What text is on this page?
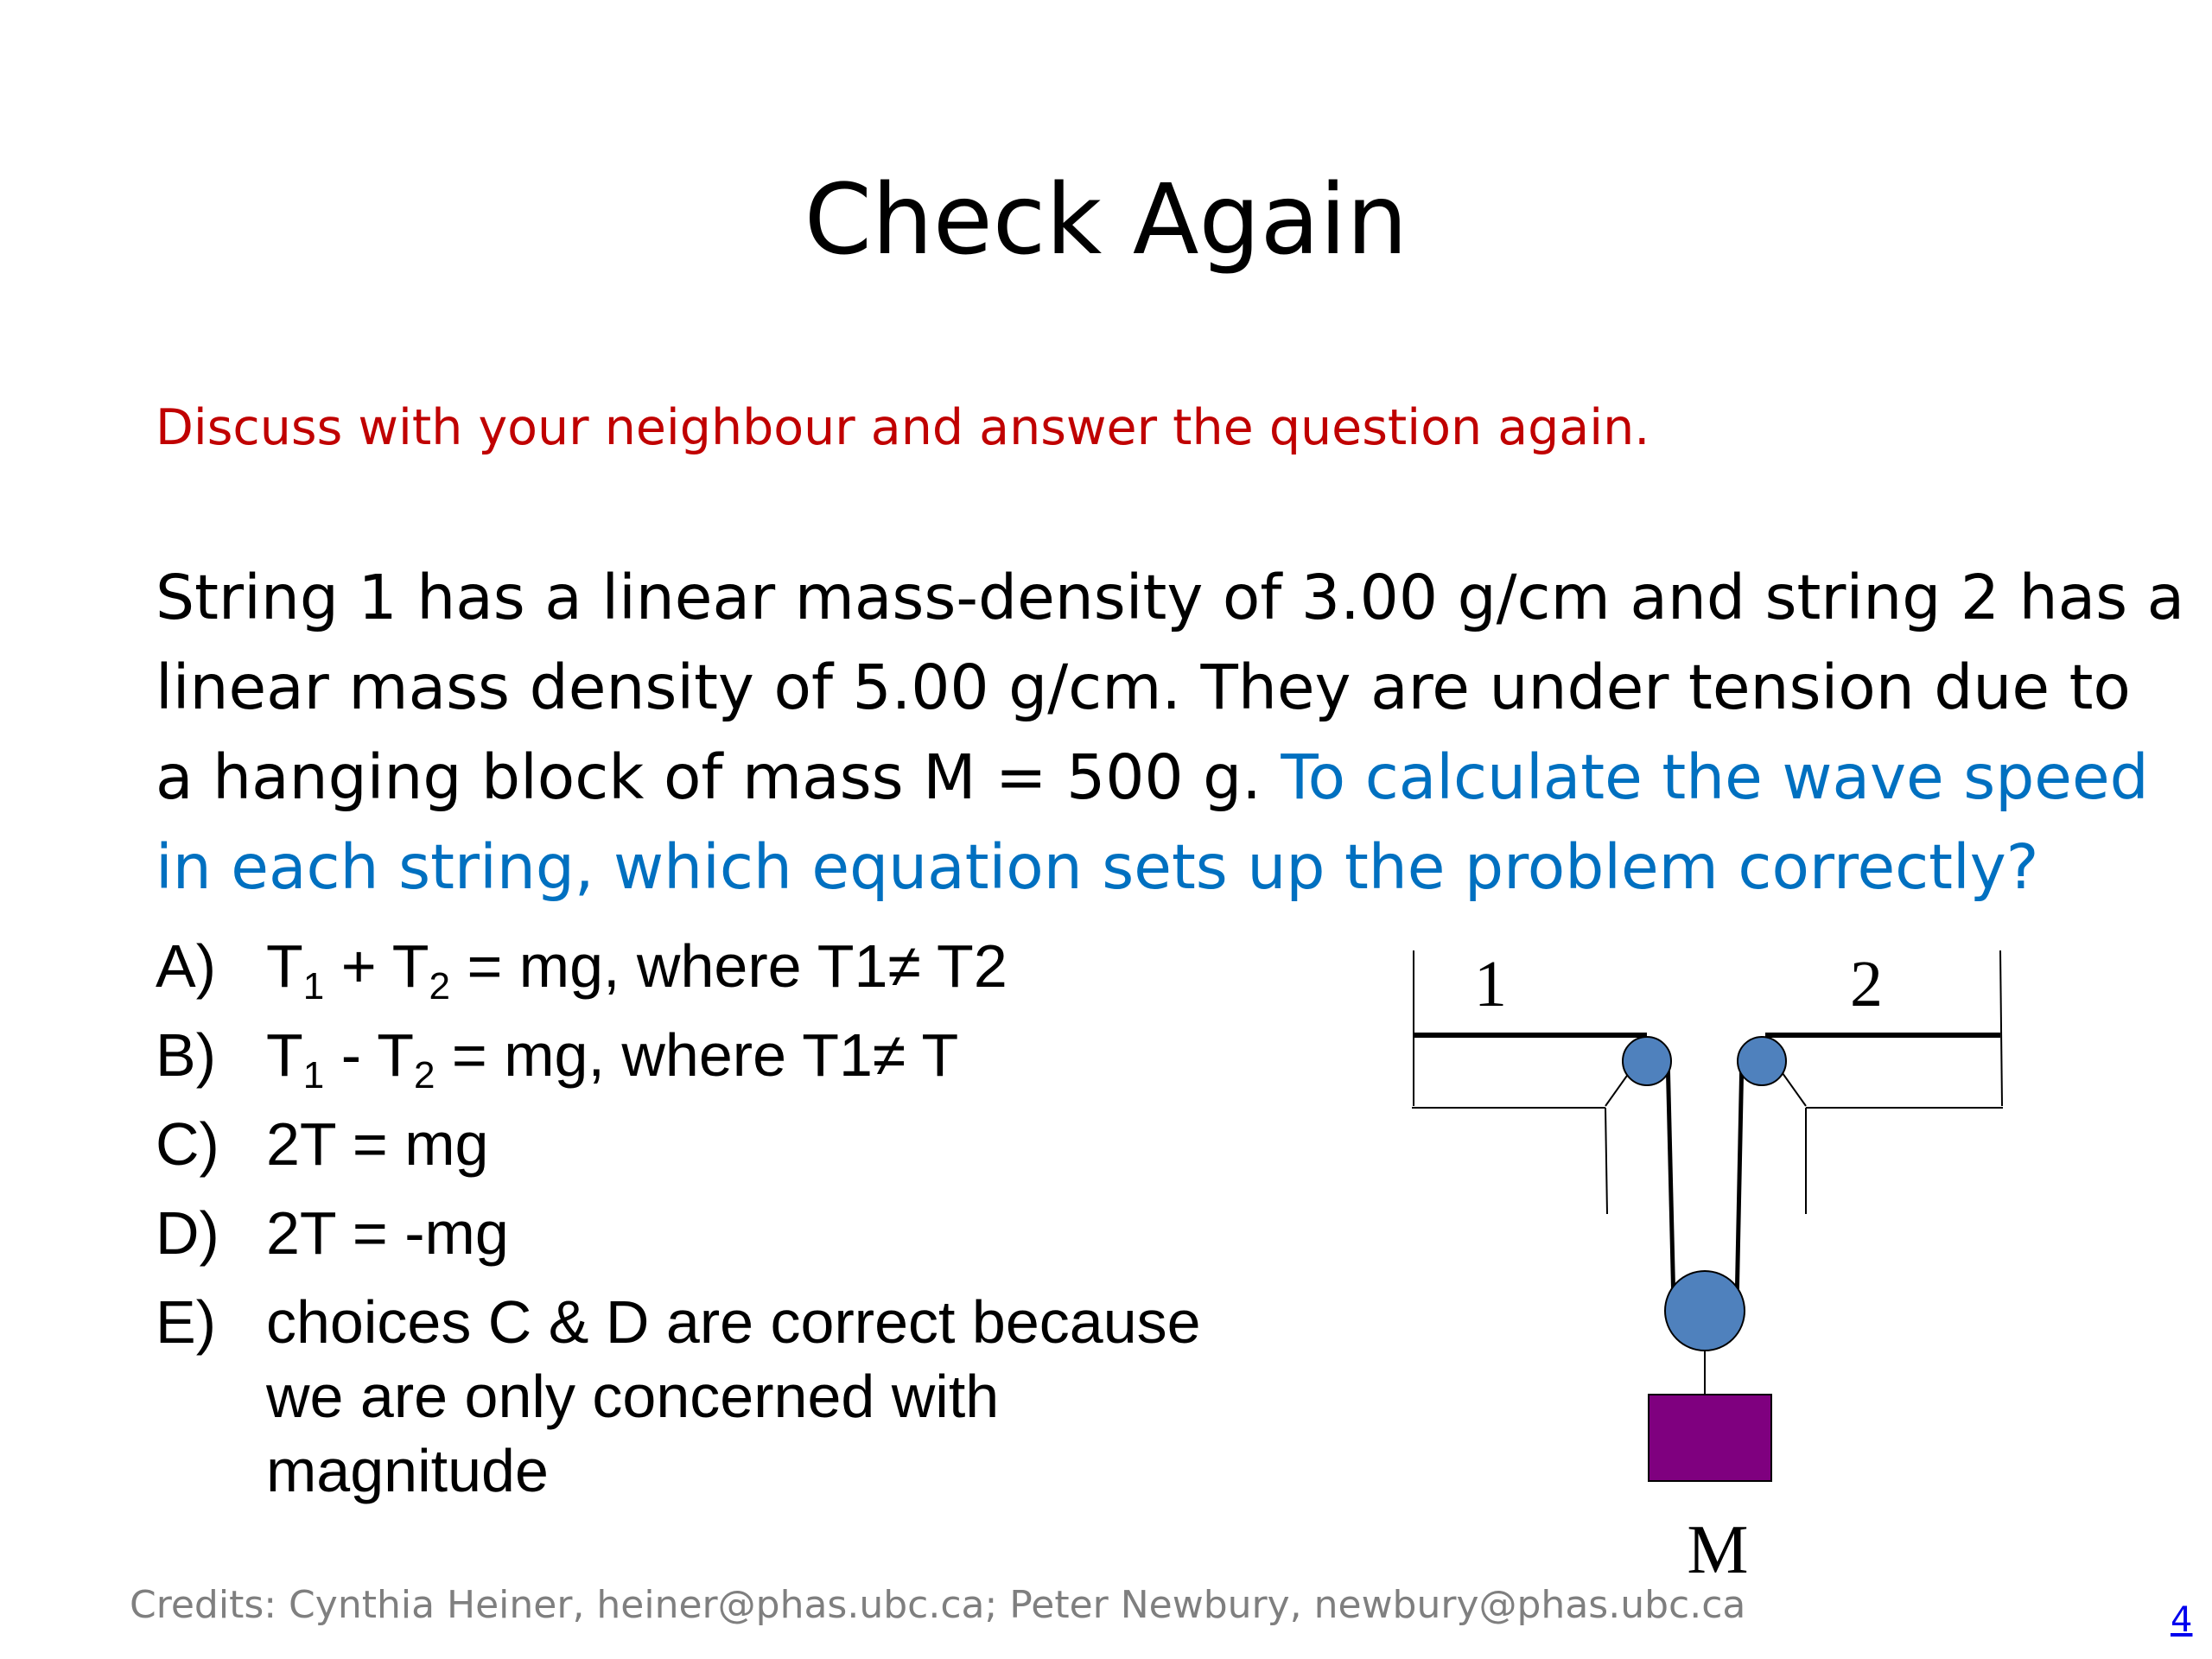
Check Again
Discuss with your neighbour and answer the question again.
String 1 has a linear mass-density of 3.00 g/cm and string 2 has a
linear mass density of 5.00 g/cm. They are under tension due to
a hanging block of mass M = 500 g. To calculate the wave speed
in each string, which equation sets up the problem correctly?
A) $T_1 + T_2$ = mg, where T1≠ T2
B) $T_1 - T_2$ = mg, where T1≠ T
C) 2T = mg
D) 2T = -mg
E) choices C & D are correct because
we are only concerned with
magnitude
1	2
M
Credits: Cynthia Heiner, heiner@phas.ubc.ca; Peter Newbury, newbury@phas.ubc.ca	4
